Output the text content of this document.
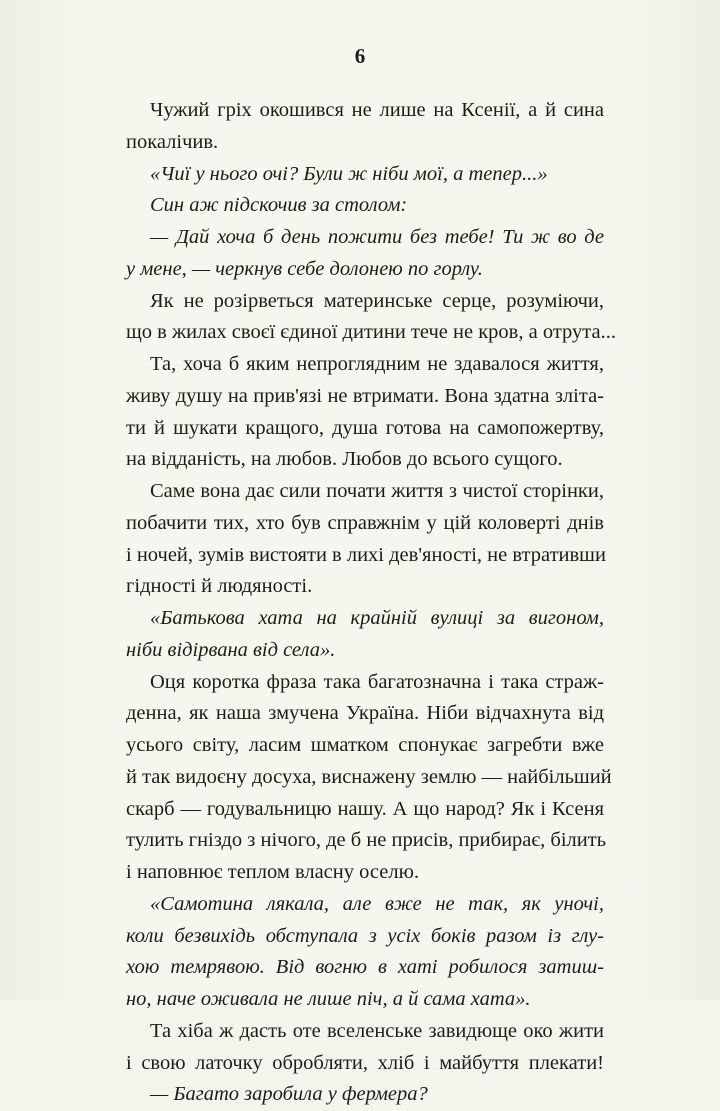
6
Чужий гріх окошився не лише на Ксенії, а й сина
покалічив.
«Чиї у нього очі? Були ж ніби мої, а тепер...»
Син аж підскочив за столом:
— Дай хоча б день пожити без тебе! Ти ж во де
у мене, — черкнув себе долонею по горлу.
Як не розірветься материнське серце, розуміючи,
що в жилах своєї єдиної дитини тече не кров, а отрута...
Та, хоча б яким непроглядним не здавалося життя,
живу душу на прив'язі не втримати. Вона здатна зліта-
ти й шукати кращого, душа готова на самопожертву,
на відданість, на любов. Любов до всього сущого.
Саме вона дає сили почати життя з чистої сторінки,
побачити тих, хто був справжнім у цій коловерті днів
і ночей, зумів вистояти в лихі дев'яності, не втративши
гідності й людяності.
«Батькова хата на крайній вулиці за вигоном,
ніби відірвана від села».
Оця коротка фраза така багатозначна і така страж-
денна, як наша змучена Україна. Ніби відчахнута від
усього світу, ласим шматком спонукає загребти вже
й так видоєну досуха, виснажену землю — найбільший
скарб — годувальницю нашу. А що народ? Як і Ксеня
тулить гніздо з нічого, де б не присів, прибирає, білить
і наповнює теплом власну оселю.
«Самотина лякала, але вже не так, як уночі,
коли безвихідь обступала з усіх боків разом із глу-
хою темрявою. Від вогню в хаті робилося затиш-
но, наче оживала не лише піч, а й сама хата».
Та хіба ж дасть оте вселенське завидюще око жити
і свою латочку обробляти, хліб і майбуття плекати!
— Багато заробила у фермера?
